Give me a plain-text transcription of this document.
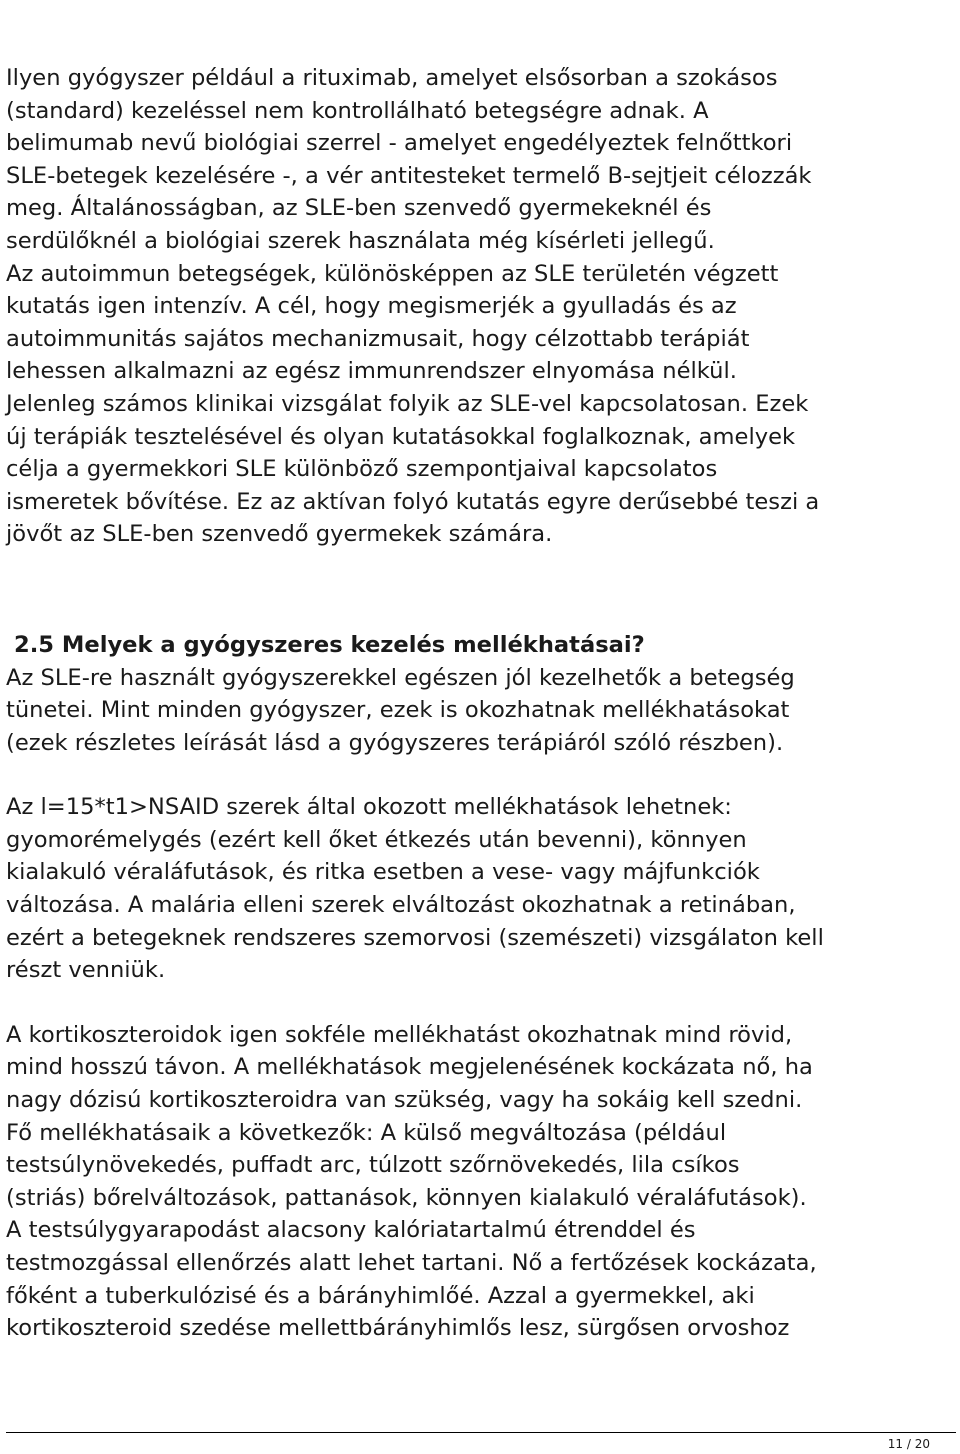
Ilyen gyógyszer például a rituximab, amelyet elsősorban a szokásos
(standard) kezeléssel nem kontrollálható betegségre adnak. A
belimumab nevű biológiai szerrel - amelyet engedélyeztek felnőttkori
SLE-betegek kezelésére -, a vér antitesteket termelő B-sejtjeit célozzák
meg. Általánosságban, az SLE-ben szenvedő gyermekeknél és
serdülőknél a biológiai szerek használata még kísérleti jellegű.
Az autoimmun betegségek, különösképpen az SLE területén végzett
kutatás igen intenzív. A cél, hogy megismerjék a gyulladás és az
autoimmunitás sajátos mechanizmusait, hogy célzottabb terápiát
lehessen alkalmazni az egész immunrendszer elnyomása nélkül.
Jelenleg számos klinikai vizsgálat folyik az SLE-vel kapcsolatosan. Ezek
új terápiák tesztelésével és olyan kutatásokkal foglalkoznak, amelyek
célja a gyermekkori SLE különböző szempontjaival kapcsolatos
ismeretek bővítése. Ez az aktívan folyó kutatás egyre derűsebbé teszi a
jövőt az SLE-ben szenvedő gyermekek számára.

2.5 Melyek a gyógyszeres kezelés mellékhatásai?

Az SLE-re használt gyógyszerekkel egészen jól kezelhetők a betegség
tünetei. Mint minden gyógyszer, ezek is okozhatnak mellékhatásokat
(ezek részletes leírását lásd a gyógyszeres terápiáról szóló részben).

Az l=15*t1>NSAID szerek által okozott mellékhatások lehetnek:
gyomorémelygés (ezért kell őket étkezés után bevenni), könnyen
kialakuló véraláfutások, és ritka esetben a vese- vagy májfunkciók
változása. A malária elleni szerek elváltozást okozhatnak a retinában,
ezért a betegeknek rendszeres szemorvosi (szemészeti) vizsgálaton kell
részt venniük.

A kortikoszteroidok igen sokféle mellékhatást okozhatnak mind rövid,
mind hosszú távon. A mellékhatások megjelenésének kockázata nő, ha
nagy dózisú kortikoszteroidra van szükség, vagy ha sokáig kell szedni.
Fő mellékhatásaik a következők: A külső megváltozása (például
testsúlynövekedés, puffadt arc, túlzott szőrnövekedés, lila csíkos
(striás) bőrelváltozások, pattanások, könnyen kialakuló véraláfutások).
A testsúlygyarapodást alacsony kalóriatartalmú étrenddel és
testmozgással ellenőrzés alatt lehet tartani. Nő a fertőzések kockázata,
főként a tuberkulózisé és a bárányhimlőé. Azzal a gyermekkel, aki
kortikoszteroid szedése mellettbárányhimlős lesz, sürgősen orvoshoz

11 / 20
